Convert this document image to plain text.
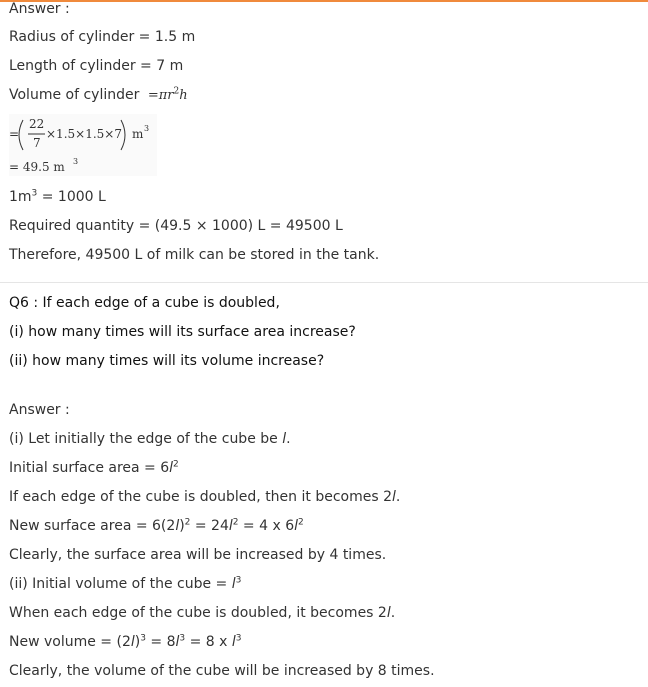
Answer :
Radius of cylinder = 1.5 m
Length of cylinder = 7 m
Volume of cylinder $=\pi r^2h$
=
22
7
×1.5×1.5×7 m 3
= 49.5 m 3
$1m^3 = 1000$ L
Required quantity = (49.5 × 1000) L = 49500 L
Therefore, 49500 L of milk can be stored in the tank.
Q6 : If each edge of a cube is doubled,
(i) how many times will its surface area increase?
(ii) how many times will its volume increase?
Answer :
(i) Let initially the edge of the cube be l.
Initial surface area = $6l^2$
If each edge of the cube is doubled, then it becomes 2l.
New surface area = $6(2l)^2 = 24l^2 = 4$ x $6l^2$
Clearly, the surface area will be increased by 4 times.
(ii) Initial volume of the cube = $l^3$
When each edge of the cube is doubled, it becomes 2l.
New volume = $(2l)^3 = 8l^3 = 8$ x $l^3$
Clearly, the volume of the cube will be increased by 8 times.
